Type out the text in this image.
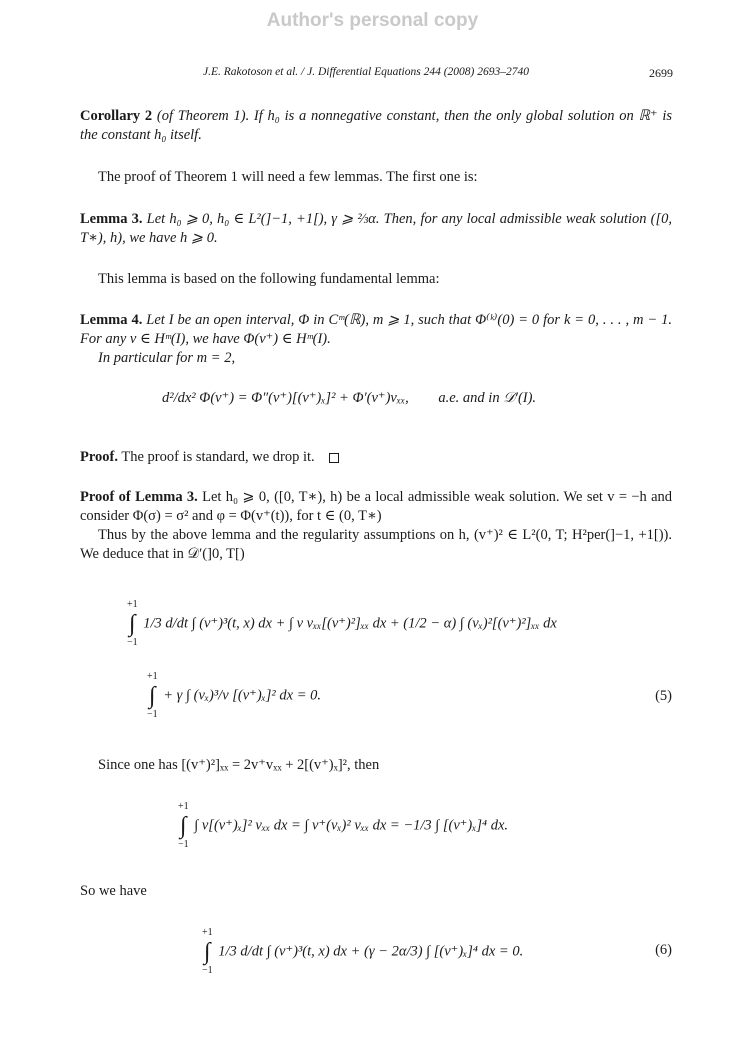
Author's personal copy
J.E. Rakotoson et al. / J. Differential Equations 244 (2008) 2693–2740	2699
Corollary 2 (of Theorem 1). If h₀ is a nonnegative constant, then the only global solution on ℝ⁺ is the constant h₀ itself.
The proof of Theorem 1 will need a few lemmas. The first one is:
Lemma 3. Let h₀ ⩾ 0, h₀ ∈ L²(]−1, +1[), γ ⩾ ⅔α. Then, for any local admissible weak solution ([0, T∗), h), we have h ⩾ 0.
This lemma is based on the following fundamental lemma:
Lemma 4. Let I be an open interval, Φ in Cᵐ(ℝ), m ⩾ 1, such that Φ⁽ᵏ⁾(0) = 0 for k = 0, . . . , m − 1. For any v ∈ Hᵐ(I), we have Φ(v⁺) ∈ Hᵐ(I).
In particular for m = 2,
d²/dx² Φ(v⁺) = Φ″(v⁺)[(v⁺)ₓ]² + Φ′(v⁺)vₓₓ, a.e. and in 𝒟′(I).
Proof. The proof is standard, we drop it.
Proof of Lemma 3. Let h₀ ⩾ 0, ([0, T∗), h) be a local admissible weak solution. We set v = −h and consider Φ(σ) = σ² and φ = Φ(v⁺(t)), for t ∈ (0, T∗)
Thus by the above lemma and the regularity assumptions on h, (v⁺)² ∈ L²(0, T; H²per(]−1, +1[)). We deduce that in 𝒟′(]0, T[)
+1
∫
−1
1/3 d/dt ∫ (v⁺)³(t, x) dx + ∫ v vₓₓ[(v⁺)²]ₓₓ dx + (1/2 − α) ∫ (vₓ)²[(v⁺)²]ₓₓ dx
+1
∫
−1
+ γ ∫ (vₓ)³/v [(v⁺)ₓ]² dx = 0.	(5)
Since one has [(v⁺)²]ₓₓ = 2v⁺vₓₓ + 2[(v⁺)ₓ]², then
+1
∫
−1
∫ v[(v⁺)ₓ]² vₓₓ dx = ∫ v⁺(vₓ)² vₓₓ dx = −1/3 ∫ [(v⁺)ₓ]⁴ dx.
So we have
+1
∫
−1
1/3 d/dt ∫ (v⁺)³(t, x) dx + (γ − 2α/3) ∫ [(v⁺)ₓ]⁴ dx = 0.	(6)
